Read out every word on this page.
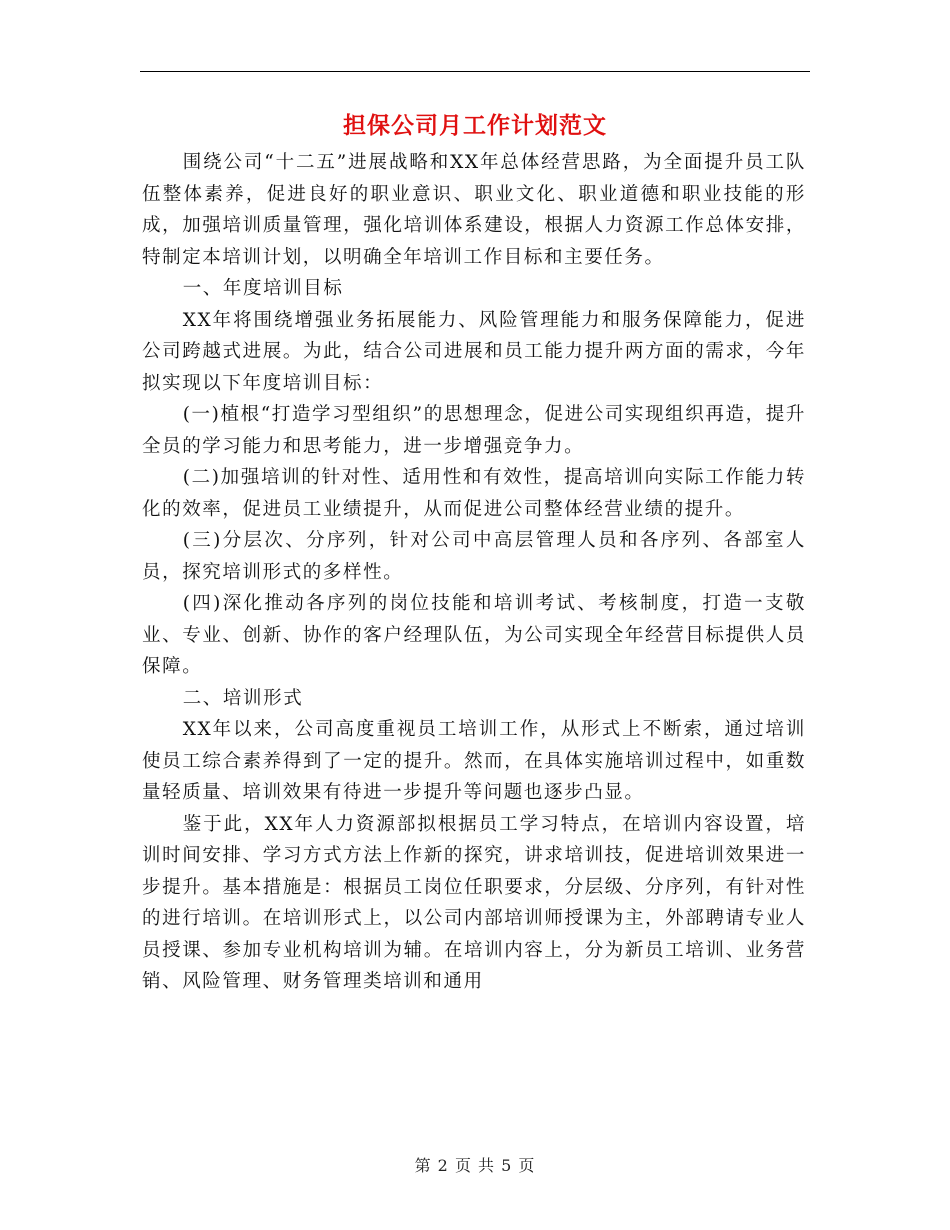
担保公司月工作计划范文

围绕公司“十二五”进展战略和XX年总体经营思路，为全面提升员工队伍整体素养，促进良好的职业意识、职业文化、职业道德和职业技能的形成，加强培训质量管理，强化培训体系建设，根据人力资源工作总体安排，特制定本培训计划，以明确全年培训工作目标和主要任务。

一、年度培训目标

XX年将围绕增强业务拓展能力、风险管理能力和服务保障能力，促进公司跨越式进展。为此，结合公司进展和员工能力提升两方面的需求，今年拟实现以下年度培训目标：

(一)植根“打造学习型组织”的思想理念，促进公司实现组织再造，提升全员的学习能力和思考能力，进一步增强竞争力。

(二)加强培训的针对性、适用性和有效性，提高培训向实际工作能力转化的效率，促进员工业绩提升，从而促进公司整体经营业绩的提升。

(三)分层次、分序列，针对公司中高层管理人员和各序列、各部室人员，探究培训形式的多样性。

(四)深化推动各序列的岗位技能和培训考试、考核制度，打造一支敬业、专业、创新、协作的客户经理队伍，为公司实现全年经营目标提供人员保障。

二、培训形式

XX年以来，公司高度重视员工培训工作，从形式上不断索，通过培训使员工综合素养得到了一定的提升。然而，在具体实施培训过程中，如重数量轻质量、培训效果有待进一步提升等问题也逐步凸显。

鉴于此，XX年人力资源部拟根据员工学习特点，在培训内容设置，培训时间安排、学习方式方法上作新的探究，讲求培训技，促进培训效果进一步提升。基本措施是：根据员工岗位任职要求，分层级、分序列，有针对性的进行培训。在培训形式上，以公司内部培训师授课为主，外部聘请专业人员授课、参加专业机构培训为辅。在培训内容上，分为新员工培训、业务营销、风险管理、财务管理类培训和通用

第 2 页 共 5 页
